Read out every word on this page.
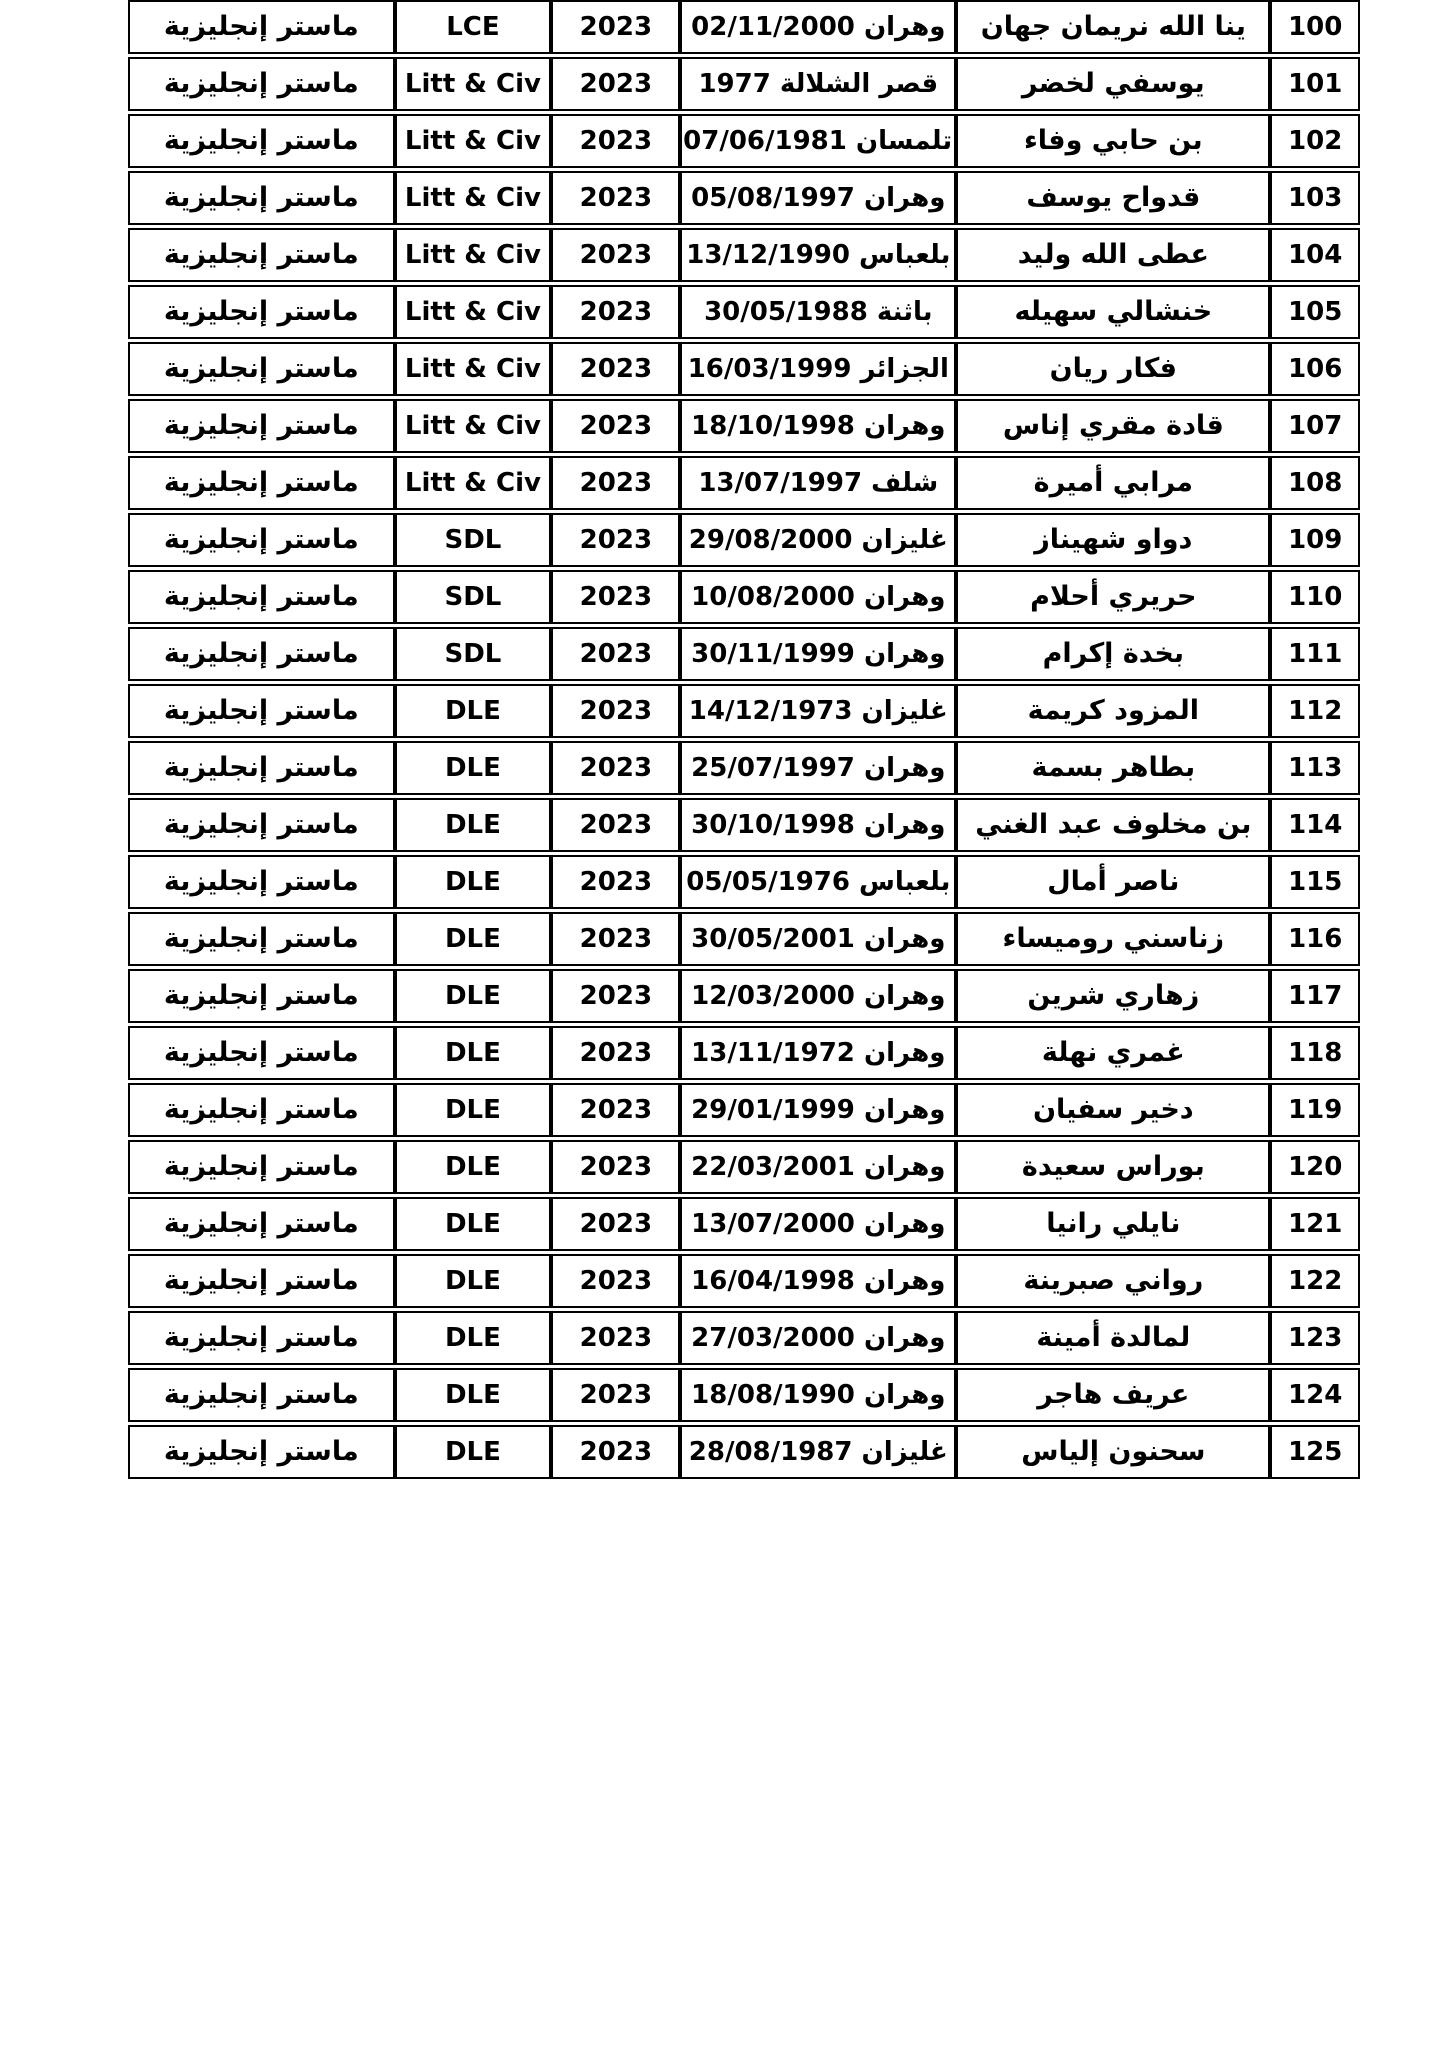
100	ينا الله نريمان جهان	وهران 02/11/2000	2023	LCE	ماستر إنجليزية
101	يوسفي لخضر	قصر الشلالة 1977	2023	Litt & Civ	ماستر إنجليزية
102	بن حابي وفاء	تلمسان 07/06/1981	2023	Litt & Civ	ماستر إنجليزية
103	قدواح يوسف	وهران 05/08/1997	2023	Litt & Civ	ماستر إنجليزية
104	عطى الله وليد	بلعباس 13/12/1990	2023	Litt & Civ	ماستر إنجليزية
105	خنشالي سهيله	باثنة 30/05/1988	2023	Litt & Civ	ماستر إنجليزية
106	فكار ريان	الجزائر 16/03/1999	2023	Litt & Civ	ماستر إنجليزية
107	قادة مقري إناس	وهران 18/10/1998	2023	Litt & Civ	ماستر إنجليزية
108	مرابي أميرة	شلف 13/07/1997	2023	Litt & Civ	ماستر إنجليزية
109	دواو شهيناز	غليزان 29/08/2000	2023	SDL	ماستر إنجليزية
110	حريري أحلام	وهران 10/08/2000	2023	SDL	ماستر إنجليزية
111	بخدة إكرام	وهران 30/11/1999	2023	SDL	ماستر إنجليزية
112	المزود كريمة	غليزان 14/12/1973	2023	DLE	ماستر إنجليزية
113	بطاهر بسمة	وهران 25/07/1997	2023	DLE	ماستر إنجليزية
114	بن مخلوف عبد الغني	وهران 30/10/1998	2023	DLE	ماستر إنجليزية
115	ناصر أمال	بلعباس 05/05/1976	2023	DLE	ماستر إنجليزية
116	زناسني روميساء	وهران 30/05/2001	2023	DLE	ماستر إنجليزية
117	زهاري شرين	وهران 12/03/2000	2023	DLE	ماستر إنجليزية
118	غمري نهلة	وهران 13/11/1972	2023	DLE	ماستر إنجليزية
119	دخير سفيان	وهران 29/01/1999	2023	DLE	ماستر إنجليزية
120	بوراس سعيدة	وهران 22/03/2001	2023	DLE	ماستر إنجليزية
121	نايلي رانيا	وهران 13/07/2000	2023	DLE	ماستر إنجليزية
122	رواني صبرينة	وهران 16/04/1998	2023	DLE	ماستر إنجليزية
123	لمالدة أمينة	وهران 27/03/2000	2023	DLE	ماستر إنجليزية
124	عريف هاجر	وهران 18/08/1990	2023	DLE	ماستر إنجليزية
125	سحنون إلياس	غليزان 28/08/1987	2023	DLE	ماستر إنجليزية
